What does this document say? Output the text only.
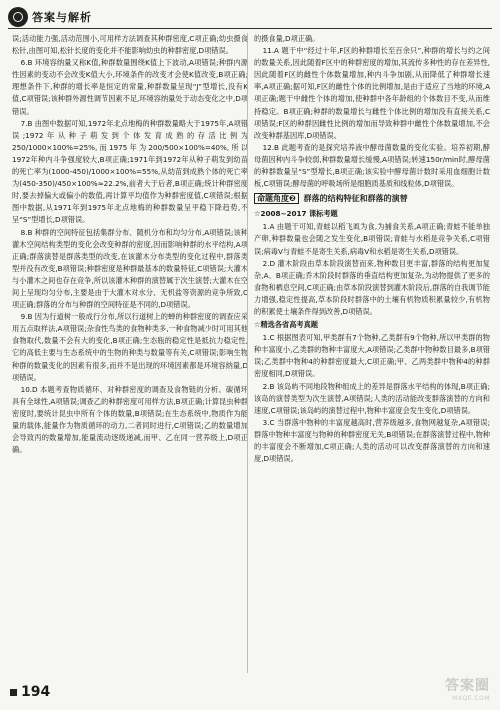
答案与解析

误;活动能力强,活动范围小,可用样方法调查其种群密度,C项正确;幼虫摄食松针,由图可知,松针长度的变化并不能影响幼虫的种群密度,D项错误。

6.B 环境容纳量又称K值,种群数量围绕K值上下波动,A项错误;种群内源性因素的变动不会改变K值大小,环境条件的改变才会使K值改变,B项正确;理想条件下,种群的增长率是恒定的常量,种群数量呈现“J”型增长,没有K值,C项错误;该种群外源性调节因素不足,环境容纳量处于动态变化之中,D项错误。

7.B 由图中数据可知,1972年北点地梅的种群数量略大于1975年,A项错误;1972年从种子萌发到个体发育成熟的存活比例为250/1000×100%=25%,而1975年为200/500×100%=40%,所以1972年种内斗争强度较大,B项正确;1971年到1972年从种子萌发到幼苗的死亡率为(1000-450)/1000×100%=55%,从幼苗到成熟个体的死亡率为(450-350)/450×100%≈22.2%,前者大于后者,B项正确;统计种群密度时,要去掉偏大或偏小的数值,再计算平均值作为种群密度值,C项错误;根据图中数据,从1971年到1975年北点地梅的种群数量呈平稳下降趋势,不呈“S”型增长,D项错误。

8.B 种群的空间特征包括集群分布、随机分布和均匀分布,A项错误;该种灌木空间结构类型的变化会改变种群的密度,因而影响种群的水平结构,A项正确;群落演替是群落类型的改变,在该灌木分布类型的变化过程中,群落类型并没有改变,B项错误;种群密度是种群最基本的数量特征,C项错误;大灌木与小灌木之间也存在竞争,所以该灌木种群的演替属于次生演替;大灌木在空间上呈现均匀分布,主要是由于大灌木对水分、无机盐等资源的竞争所致,C项正确;群落的分布与种群的空间特征是不同的,D项错误。

9.B 因为行道树一般成行分布,所以行道树上的蝉的种群密度的调查应采用五点取样法,A项错误;杂食性鸟类的食物种类多,一种食物减少时可用其他食物取代,数量不会有大的变化,B项正确;生态瓶的稳定性是抵抗力稳定性,它的高低主要与生态系统中的生物的种类与数量等有关,C项错误;影响生物种群的数量变化的因素有很多,而并不是出现的环境因素都是环境容纳量,D项错误。

10.D 本题考查物质循环、对种群密度的调查及食物链的分析。碳循环具有全球性,A项错误;调查乙的种群密度可用样方法,B项正确;计算昆虫种群密度时,要统计昆虫中所有个体的数量,B项错误;在生态系统中,物质作为能量的载体,能量作为物质循环的动力,二者同时进行,C项错误;乙的数量增加会导致丙的数量增加,能量流动逐级递减,而甲、乙在同一营养级上,D项正确。

的摄食量,D项正确。

11.A 题干中“经过十年,F区的种群增长至百余只”,种群的增长与约之间的数量关系,因此随着F区中的种群密度的增加,其流传多种性的存在差异性,因此随着F区的雌性个体数量增加,种内斗争加剧,从而降低了种群增长速率,A项正确;据可知,F区的雌性个体的比例增加,是由于适应了当地的环境,A项正确;题干中雌性个体的增加,使种群中各年龄组的个体数目不变,从而维持稳定。B项正确;种群的数量增长与雌性个体比例的增加没有直接关系,C项错误;F区的种群因雌性比例的增加而导致种群中雌性个体数量增加,不会改变种群基因库,D项错误。

12.B 此题考查的是探究培养液中酵母菌数量的变化实验。培养初期,酵母菌因种内斗争较弱,种群数量增长缓慢,A项错误;转速150r/min时,酵母菌的种群数量呈“S”型增长,B项正确;该实验中酵母菌计数时采用血细胞计数板,C项错误;酵母菌的呼吸场所是细胞质基质和线粒体,D项错误。

命题角度❷ 群落的结构特征和群落的演替

☆2008~2017 课标考题

1.A 由题干可知,青蛙以稻飞虱为食,为捕食关系,A项正确;青蛙不能单独产卵,种群数量也会随之发生变化,B项错误;青蛙与水稻是竞争关系,C项错误;病毒V与青蛙不是寄生关系,病毒V和水稻是寄生关系,D项错误。

2.D 灌木阶段由草本阶段演替而来,物种数目更丰富,群落的结构更加复杂,A、B项正确;乔木阶段时群落的垂直结构更加复杂,为动物提供了更多的食物和栖息空间,C项正确;由草本阶段演替到灌木阶段后,群落的自我调节能力增强,稳定性提高,草本阶段时群落中的土壤有机物质积累量较少,有机物的积累使土壤条件得到改善,D项错误。

☆精选各省高考真题

1.C 根据图表可知,甲类群有7个物种,乙类群有9个物种,所以甲类群的物种丰富度小,乙类群的物种丰富度大,A项错误;乙类群中物种数目最多,B项错误;乙类群中物种4的种群密度最大,C项正确;甲、乙两类群中物种4的种群密度相同,D项错误。

2.B 该岛屿不同地段物种组成上的差异是群落水平结构的体现,B项正确;该岛的演替类型为次生演替,A项错误;人类的活动能改变群落演替的方向和速度,C项错误;该岛屿的演替过程中,物种丰富度会发生变化,D项错误。

3.C 当群落中物种的丰富度越高时,营养级越多,食物网越复杂,A项错误;群落中物种丰富度与物种的种群密度无关,B项错误;在群落演替过程中,物种的丰富度会不断增加,C项正确;人类的活动可以改变群落演替的方向和速度,D项错误。

194	答案圈
MXQE.COM
